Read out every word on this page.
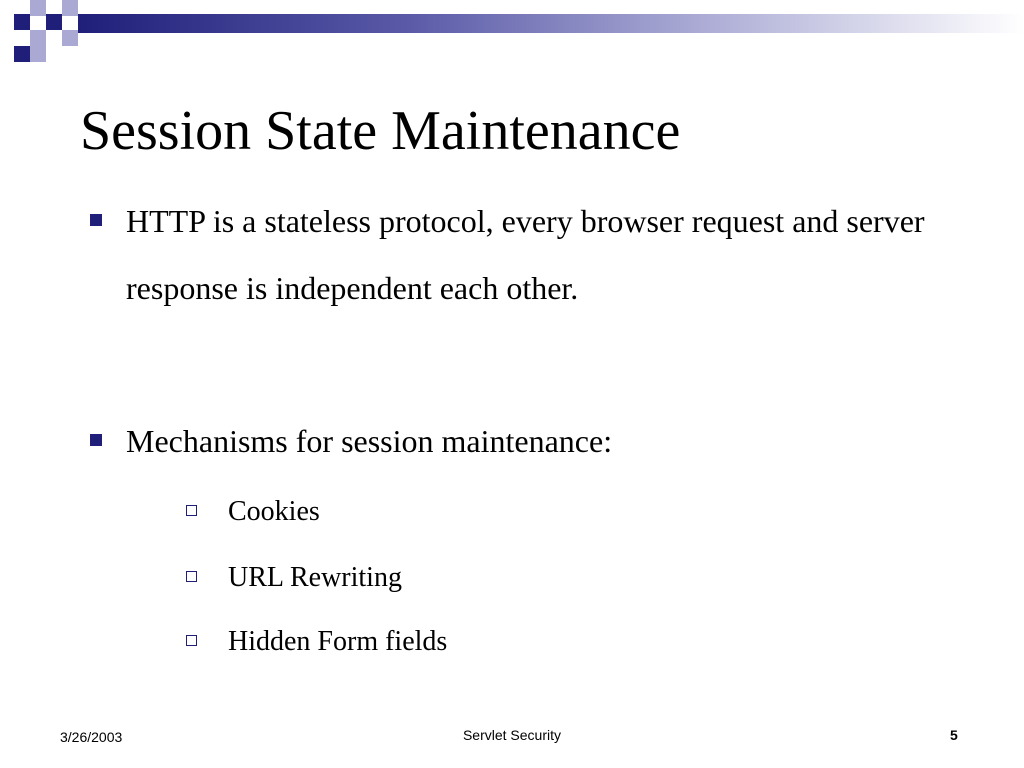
Session State Maintenance
HTTP is a stateless protocol, every browser request and server response is independent each other.
Mechanisms for session maintenance:
Cookies
URL Rewriting
Hidden Form fields
3/26/2003	Servlet Security	5
